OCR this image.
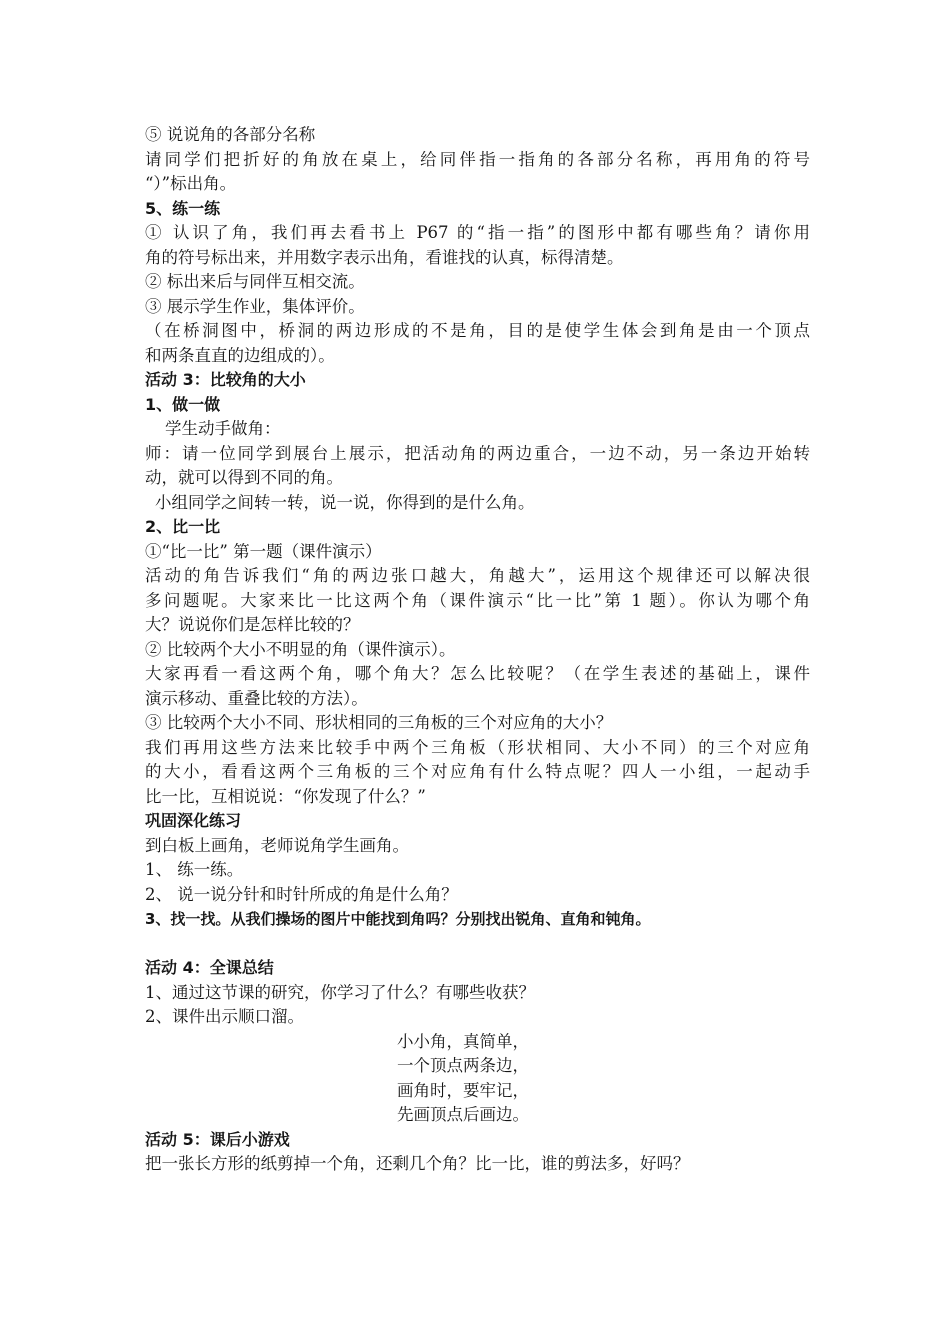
⑤ 说说角的各部分名称
请同学们把折好的角放在桌上，给同伴指一指角的各部分名称，再用角的符号
“）”标出角。
5、练一练
① 认识了角，我们再去看书上 P67 的“指一指”的图形中都有哪些角？请你用
角的符号标出来，并用数字表示出角，看谁找的认真，标得清楚。
② 标出来后与同伴互相交流。
③ 展示学生作业，集体评价。
（在桥洞图中，桥洞的两边形成的不是角，目的是使学生体会到角是由一个顶点
和两条直直的边组成的）。
活动 3：比较角的大小
1、做一做
学生动手做角：
师：请一位同学到展台上展示，把活动角的两边重合，一边不动，另一条边开始转
动，就可以得到不同的角。
小组同学之间转一转，说一说，你得到的是什么角。
2、比一比
①“比一比” 第一题（课件演示）
活动的角告诉我们“角的两边张口越大，角越大”，运用这个规律还可以解决很
多问题呢。大家来比一比这两个角（课件演示“比一比”第 1 题）。你认为哪个角
大？说说你们是怎样比较的？
② 比较两个大小不明显的角（课件演示）。
大家再看一看这两个角，哪个角大？怎么比较呢？（在学生表述的基础上，课件
演示移动、重叠比较的方法）。
③ 比较两个大小不同、形状相同的三角板的三个对应角的大小？
我们再用这些方法来比较手中两个三角板（形状相同、大小不同）的三个对应角
的大小，看看这两个三角板的三个对应角有什么特点呢？四人一小组，一起动手
比一比，互相说说：“你发现了什么？”
巩固深化练习
到白板上画角，老师说角学生画角。
1、 练一练。
2、 说一说分针和时针所成的角是什么角？
3、找一找。从我们操场的图片中能找到角吗？分别找出锐角、直角和钝角。
活动 4：全课总结
1、通过这节课的研究，你学习了什么？有哪些收获？
2、课件出示顺口溜。
小小角，真简单，
一个顶点两条边，
画角时，要牢记，
先画顶点后画边。
活动 5：课后小游戏
把一张长方形的纸剪掉一个角，还剩几个角？比一比，谁的剪法多，好吗？
